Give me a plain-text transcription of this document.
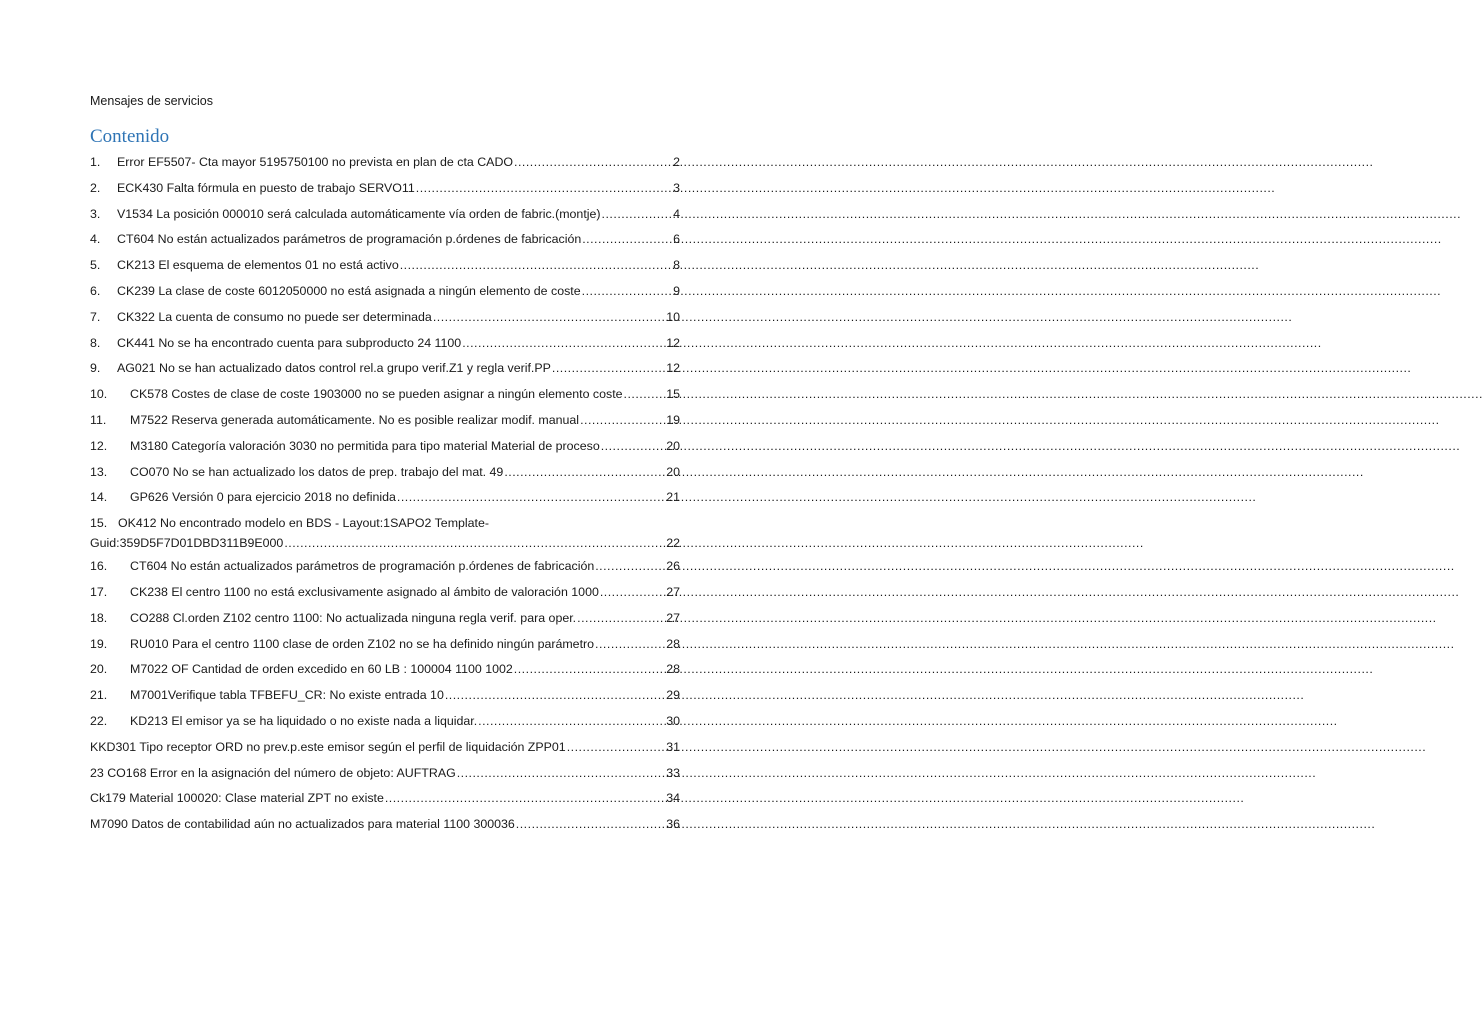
Mensajes de servicios
Contenido
1.	Error EF5507- Cta mayor 5195750100 no prevista en plan de cta CADO .....	2
2.	ECK430 Falta fórmula en puesto de trabajo SERVO11 .....	3
3.	V1534 La posición 000010 será calculada automáticamente vía orden de fabric.(montje) .....	4
4.	CT604 No están actualizados parámetros de programación p.órdenes de fabricación .....	6
5.	CK213 El esquema de elementos 01 no está activo .....	8
6.	CK239 La clase de coste 6012050000 no está asignada a ningún elemento de coste .....	9
7.	CK322 La cuenta de consumo no puede ser determinada .....	10
8.	CK441 No se ha encontrado cuenta para subproducto 24 1100 .....	12
9.	AG021 No se han actualizado datos control rel.a grupo verif.Z1 y regla verif.PP .....	12
10.	CK578 Costes de clase de coste 1903000 no se pueden asignar a ningún elemento coste .....	15
11.	M7522 Reserva generada automáticamente. No es posible realizar modif. manual .....	19
12.	M3180 Categoría valoración 3030 no permitida para tipo material Material de proceso .....	20
13.	CO070 No se han actualizado los datos de prep. trabajo del mat. 49 .....	20
14.	GP626 Versión 0 para ejercicio 2018 no definida .....	21
15. OK412 No encontrado modelo en BDS - Layout:1SAPO2 Template-
Guid:359D5F7D01DBD311B9E000 .....	22
16.	CT604 No están actualizados parámetros de programación p.órdenes de fabricación .....	26
17.	CK238 El centro 1100 no está exclusivamente asignado al ámbito de valoración 1000 .....	27
18.	CO288 Cl.orden Z102 centro 1100: No actualizada ninguna regla verif. para oper. .....	27
19.	RU010 Para el centro 1100 clase de orden Z102 no se ha definido ningún parámetro .....	28
20.	M7022 OF Cantidad de orden excedido en 60 LB : 100004 1100 1002 .....	28
21.	M7001Verifique tabla TFBEFU_CR: No existe entrada 10 .....	29
22.	KD213 El emisor ya se ha liquidado o no existe nada a liquidar. .....	30
KKD301 Tipo receptor ORD no prev.p.este emisor según el perfil de liquidación ZPP01 .....	31
23 CO168 Error en la asignación del número de objeto: AUFTRAG .....	33
Ck179 Material 100020: Clase material ZPT no existe .....	34
M7090 Datos de contabilidad aún no actualizados para material 1100 300036 .....	36
